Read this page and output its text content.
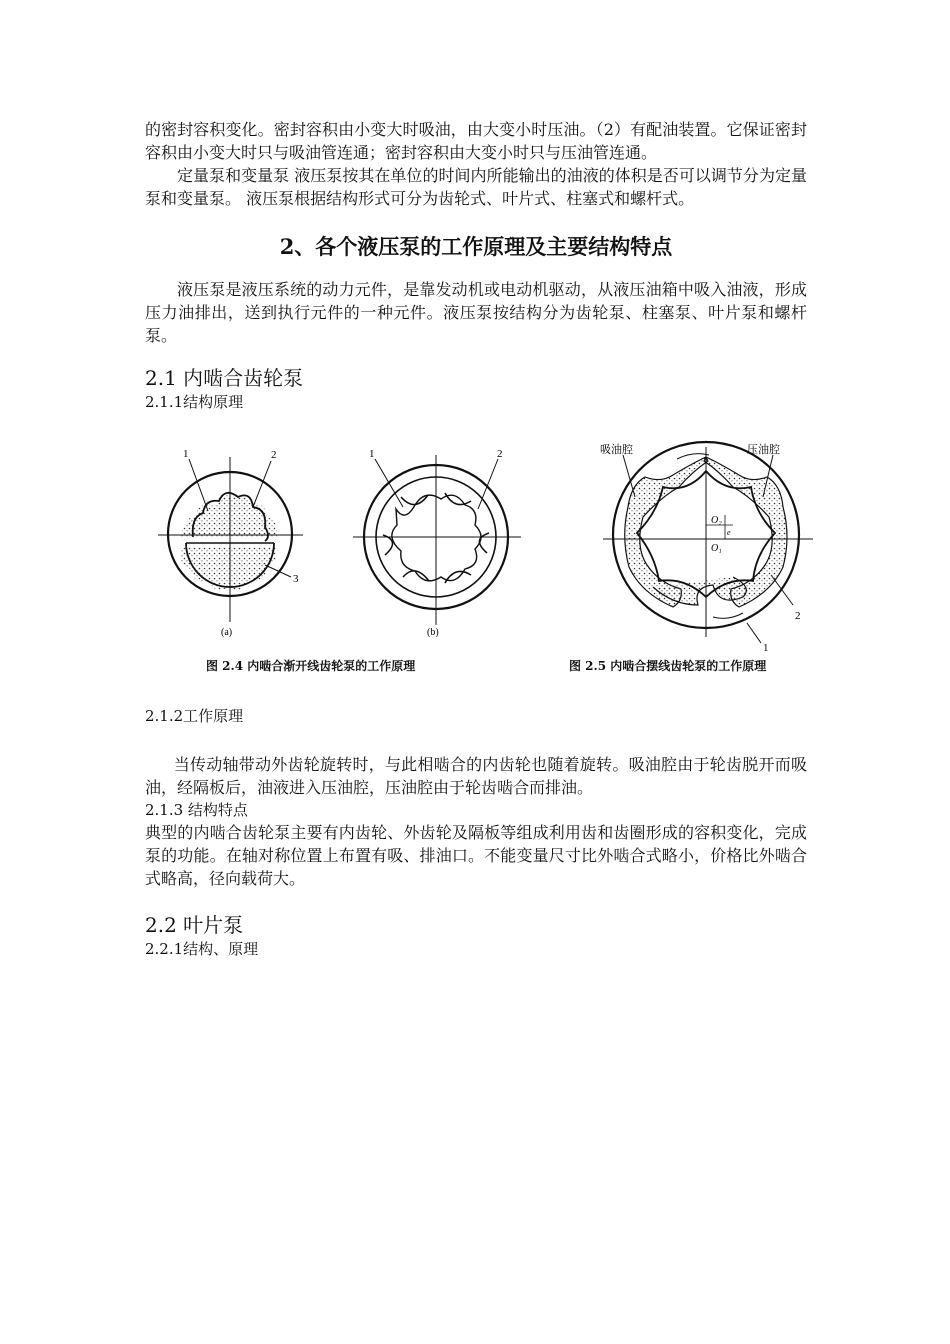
的密封容积变化。密封容积由小变大时吸油，由大变小时压油。（2）有配油装置。它保证密封容积由小变大时只与吸油管连通；密封容积由大变小时只与压油管连通。

定量泵和变量泵 液压泵按其在单位的时间内所能输出的油液的体积是否可以调节分为定量泵和变量泵。 液压泵根据结构形式可分为齿轮式、叶片式、柱塞式和螺杆式。

2、各个液压泵的工作原理及主要结构特点

液压泵是液压系统的动力元件，是靠发动机或电动机驱动，从液压油箱中吸入油液，形成压力油排出，送到执行元件的一种元件。液压泵按结构分为齿轮泵、柱塞泵、叶片泵和螺杆泵。

2.1 内啮合齿轮泵
2.1.1结构原理
1	2
3
(a)
1	2
(b)
吸油腔	压油腔
O₂
O₁
e
2
1
图 2.4 内啮合渐开线齿轮泵的工作原理	图 2.5 内啮合摆线齿轮泵的工作原理
2.1.2工作原理

当传动轴带动外齿轮旋转时，与此相啮合的内齿轮也随着旋转。吸油腔由于轮齿脱开而吸油，经隔板后，油液进入压油腔，压油腔由于轮齿啮合而排油。

2.1.3 结构特点

典型的内啮合齿轮泵主要有内齿轮、外齿轮及隔板等组成利用齿和齿圈形成的容积变化，完成泵的功能。在轴对称位置上布置有吸、排油口。不能变量尺寸比外啮合式略小，价格比外啮合式略高，径向载荷大。

2.2 叶片泵
2.2.1结构、原理
